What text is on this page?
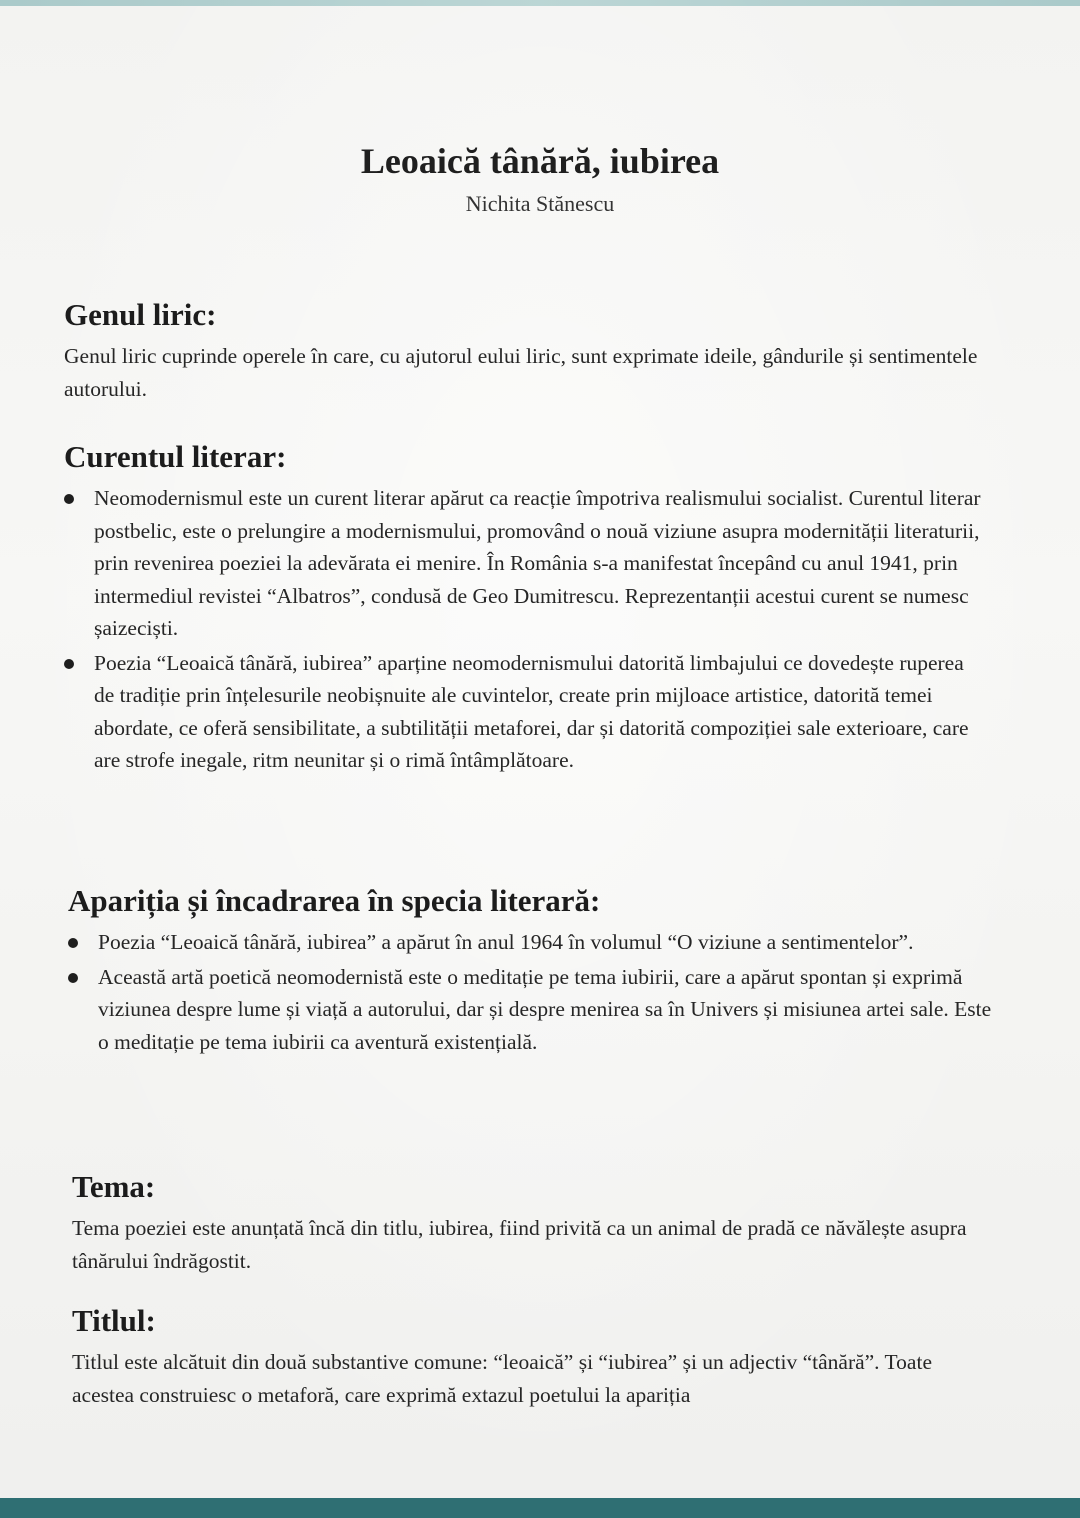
Leoaică tânără, iubirea
Nichita Stănescu
Genul liric:

Genul liric cuprinde operele în care, cu ajutorul eului liric, sunt exprimate ideile, gândurile și sentimentele autorului.

Curentul literar:
Neomodernismul este un curent literar apărut ca reacție împotriva realismului socialist. Curentul literar postbelic, este o prelungire a modernismului, promovând o nouă viziune asupra modernității literaturii, prin revenirea poeziei la adevărata ei menire. În România s-a manifestat începând cu anul 1941, prin intermediul revistei “Albatros”, condusă de Geo Dumitrescu. Reprezentanții acestui curent se numesc șaizeciști.
Poezia “Leoaică tânără, iubirea” aparține neomodernismului datorită limbajului ce dovedește ruperea de tradiție prin înțelesurile neobișnuite ale cuvintelor, create prin mijloace artistice, datorită temei abordate, ce oferă sensibilitate, a subtilității metaforei, dar și datorită compoziției sale exterioare, care are strofe inegale, ritm neunitar și o rimă întâmplătoare.
Apariția și încadrarea în specia literară:
Poezia “Leoaică tânără, iubirea” a apărut în anul 1964 în volumul “O viziune a sentimentelor”.
Această artă poetică neomodernistă este o meditație pe tema iubirii, care a apărut spontan și exprimă viziunea despre lume și viață a autorului, dar și despre menirea sa în Univers și misiunea artei sale. Este o meditație pe tema iubirii ca aventură existențială.
Tema:

Tema poeziei este anunțată încă din titlu, iubirea, fiind privită ca un animal de pradă ce năvălește asupra tânărului îndrăgostit.

Titlul:

Titlul este alcătuit din două substantive comune: “leoaică” și “iubirea” și un adjectiv “tânără”. Toate acestea construiesc o metaforă, care exprimă extazul poetului la apariția
